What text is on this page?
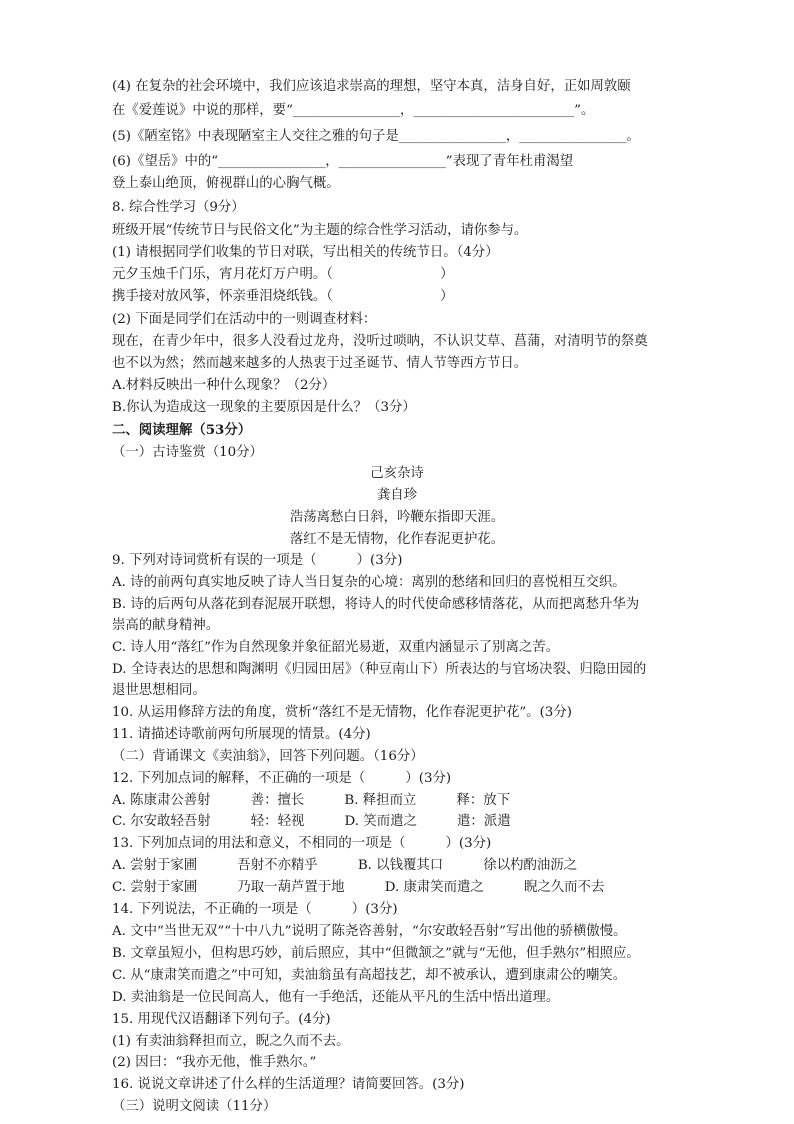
(4) 在复杂的社会环境中，我们应该追求崇高的理想，坚守本真，洁身自好，正如周敦颐
在《爱莲说》中说的那样，要“________________，________________________”。
(5)《陋室铭》中表现陋室主人交往之雅的句子是________________，________________。
(6)《望岳》中的“________________，________________”表现了青年杜甫渴望
登上泰山绝顶，俯视群山的心胸气概。
8. 综合性学习（9分）
班级开展“传统节日与民俗文化”为主题的综合性学习活动，请你参与。
(1) 请根据同学们收集的节日对联，写出相关的传统节日。（4分）
元夕玉烛千门乐，宵月花灯万户明。（　　　　　　　　）
携手接对放风筝，怀亲垂泪烧纸钱。（　　　　　　　　）
(2) 下面是同学们在活动中的一则调查材料：
现在，在青少年中，很多人没看过龙舟，没听过唢呐，不认识艾草、菖蒲，对清明节的祭奠
也不以为然；然而越来越多的人热衷于过圣诞节、情人节等西方节日。
A.材料反映出一种什么现象？（2分）
B.你认为造成这一现象的主要原因是什么？（3分）
二、阅读理解（53分）
（一）古诗鉴赏（10分）
己亥杂诗
龚自珍
浩荡离愁白日斜，吟鞭东指即天涯。
落红不是无情物，化作春泥更护花。
9. 下列对诗词赏析有误的一项是（　　　）(3分)
A. 诗的前两句真实地反映了诗人当日复杂的心境：离别的愁绪和回归的喜悦相互交织。
B. 诗的后两句从落花到春泥展开联想，将诗人的时代使命感移情落花，从而把离愁升华为
崇高的献身精神。
C. 诗人用“落红”作为自然现象并象征韶光易逝，双重内涵显示了别离之苦。
D. 全诗表达的思想和陶渊明《归园田居》（种豆南山下）所表达的与官场决裂、归隐田园的
退世思想相同。
10. 从运用修辞方法的角度，赏析“落红不是无情物，化作春泥更护花”。(3分)
11. 请描述诗歌前两句所展现的情景。(4分)
（二）背诵课文《卖油翁》，回答下列问题。（16分）
12. 下列加点词的解释，不正确的一项是（　　　）(3分)
A. 陈康肃公善射　　　善：擅长　　　B. 释担而立　　　释：放下
C. 尔安敢轻吾射　　　轻：轻视　　　D. 笑而遣之　　　遣：派遣
13. 下列加点词的用法和意义，不相同的一项是（　　　）(3分)
A. 尝射于家圃　　　吾射不亦精乎　　　B. 以钱覆其口　　　徐以杓酌油沥之
C. 尝射于家圃　　　乃取一葫芦置于地　　　D. 康肃笑而遣之　　　睨之久而不去
14. 下列说法，不正确的一项是（　　　）(3分)
A. 文中“当世无双”“十中八九”说明了陈尧咨善射，“尔安敢轻吾射”写出他的骄横傲慢。
B. 文章虽短小，但构思巧妙，前后照应，其中“但微颔之”就与“无他，但手熟尔”相照应。
C. 从“康肃笑而遣之”中可知，卖油翁虽有高超技艺，却不被承认，遭到康肃公的嘲笑。
D. 卖油翁是一位民间高人，他有一手绝活，还能从平凡的生活中悟出道理。
15. 用现代汉语翻译下列句子。(4分)
(1) 有卖油翁释担而立，睨之久而不去。
(2) 因曰：“我亦无他，惟手熟尔。”
16. 说说文章讲述了什么样的生活道理？请简要回答。(3分)
（三）说明文阅读（11分）
